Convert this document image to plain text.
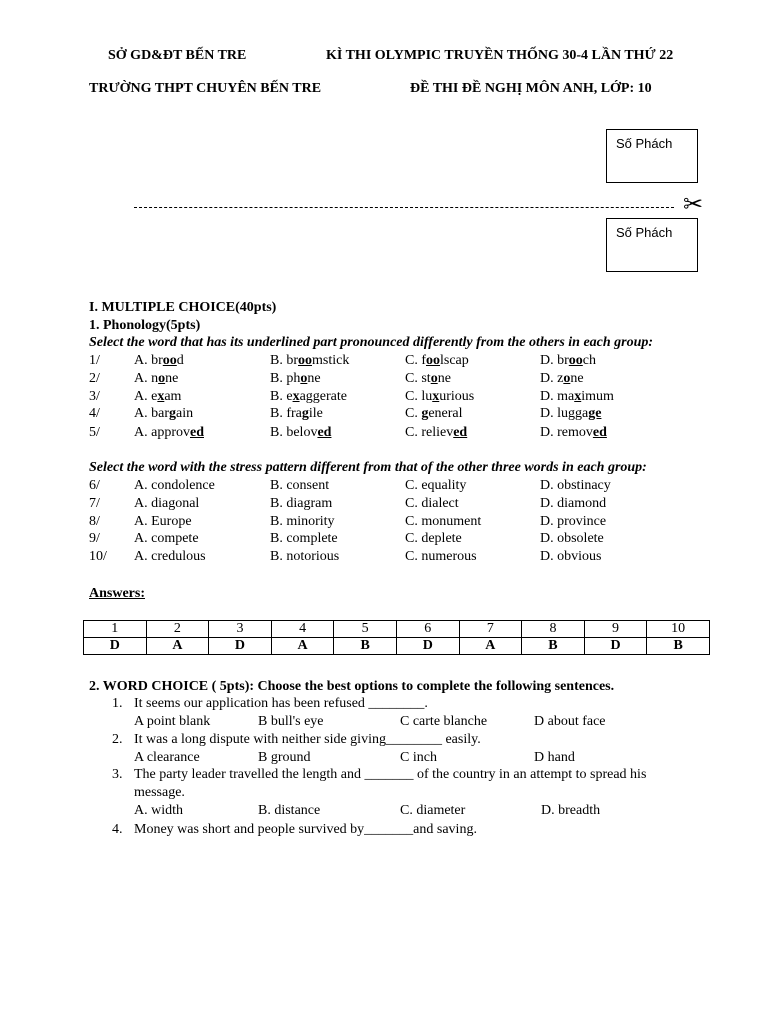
SỞ GD&ĐT BẾN TRE	KÌ THI OLYMPIC TRUYỀN THỐNG 30-4 LẦN THỨ 22
TRƯỜNG THPT CHUYÊN BẾN TRE	ĐỀ THI ĐỀ NGHỊ MÔN ANH, LỚP: 10
Số Phách
✂
Số Phách
I. MULTIPLE CHOICE(40pts)
1. Phonology(5pts)
Select the word that has its underlined part pronounced differently from the others in each group:
1/ A. brood	B. broomstick	C. foolscap	D. brooch
2/ A. none	B. phone	C. stone	D. zone
3/ A. exam	B. exaggerate	C. luxurious	D. maximum
4/ A. bargain	B. fragile	C. general	D. luggage
5/ A. approved	B. beloved	C. relieved	D. removed
Select the word with the stress pattern different from that of the other three words in each group:
6/ A. condolence	B. consent	C. equality	D. obstinacy
7/ A. diagonal	B. diagram	C. dialect	D. diamond
8/ A. Europe	B. minority	C. monument	D. province
9/ A. compete	B. complete	C. deplete	D. obsolete
10/ A. credulous	B. notorious	C. numerous	D. obvious
Answers:
1	2	3	4	5	6	7	8	9	10
D	A	D	A	B	D	A	B	D	B
2. WORD CHOICE ( 5pts): Choose the best options to complete the following sentences.
1. It seems our application has been refused ________.
A point blank	B bull's eye	C carte blanche	D about face
2. It was a long dispute with neither side giving________ easily.
A clearance	B ground	C inch	D hand
3. The party leader travelled the length and _______ of the country in an attempt to spread his
message.
A. width	B. distance	C. diameter	D. breadth
4. Money was short and people survived by_______and saving.
